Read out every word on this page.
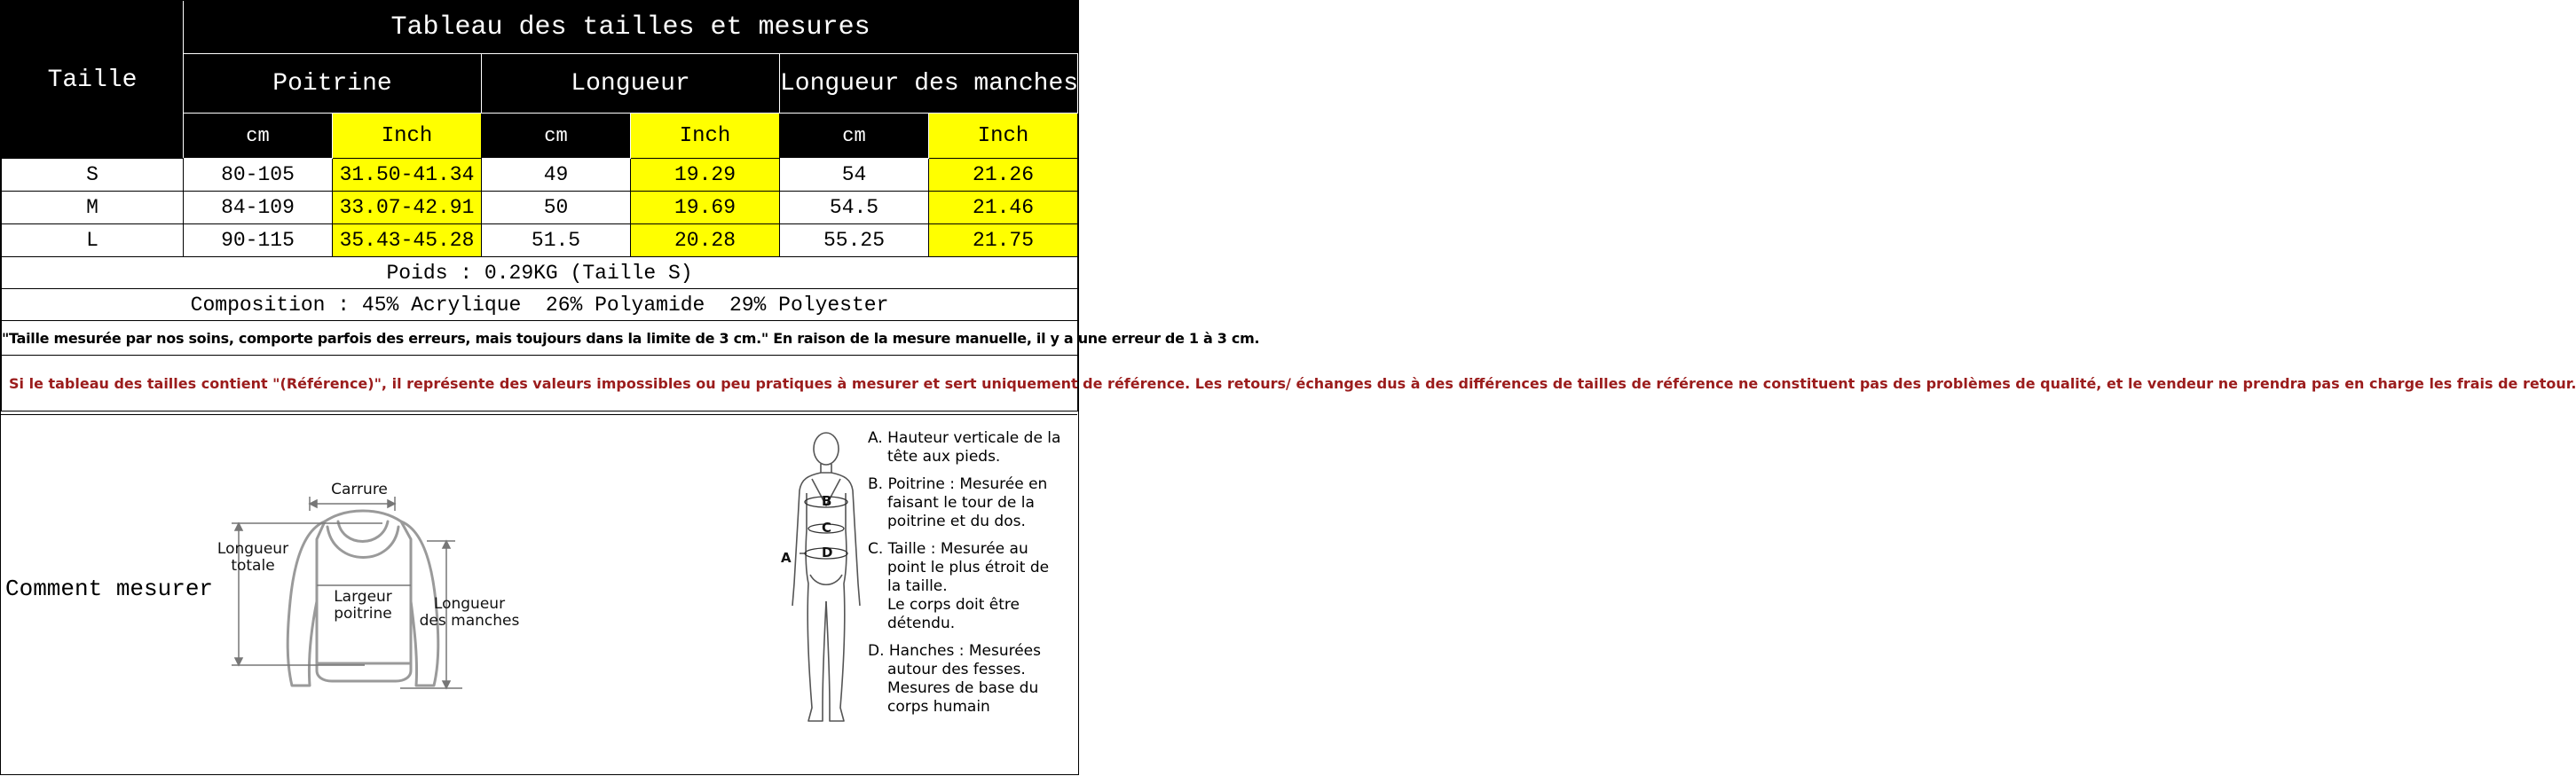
Taille	Tableau des tailles et mesures					
	Poitrine		Longueur		Longueur des manches	
	cm	Inch	cm	Inch	cm	Inch
S	80-105	31.50-41.34	49	19.29	54	21.26
M	84-109	33.07-42.91	50	19.69	54.5	21.46
L	90-115	35.43-45.28	51.5	20.28	55.25	21.75
Poids : 0.29KG (Taille S)						
Composition : 45% Acrylique  26% Polyamide  29% Polyester						
"Taille mesurée par nos soins, comporte parfois des erreurs, mais toujours dans la limite de 3 cm." En raison de la mesure manuelle, il y a une erreur de 1 à 3 cm.						
Si le tableau des tailles contient "(Référence)", il représente des valeurs impossibles ou peu pratiques à mesurer et sert uniquement de référence. Les retours/ échanges dus à des différences de tailles de référence ne constituent pas des problèmes de qualité, et le vendeur ne prendra pas en charge les frais de retour.						
Comment mesurer
Carrure
Longueur
totale
Largeur
poitrine
Longueur
des manches
B
C
D
A
A. Hauteur verticale de la
tête aux pieds.
B. Poitrine : Mesurée en
faisant le tour de la
poitrine et du dos.
C. Taille : Mesurée au
point le plus étroit de
la taille.
Le corps doit être
détendu.
D. Hanches : Mesurées
autour des fesses.
Mesures de base du
corps humain
